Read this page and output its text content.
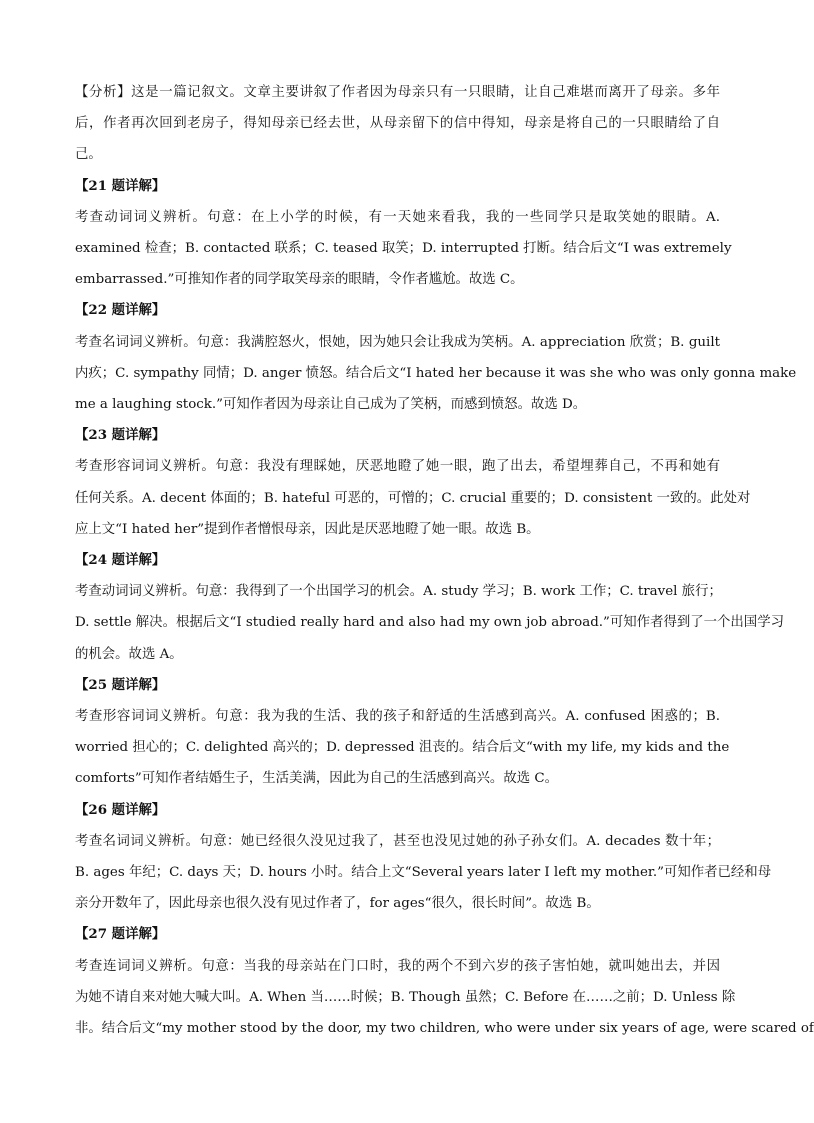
【分析】这是一篇记叙文。文章主要讲叙了作者因为母亲只有一只眼睛，让自己难堪而离开了母亲。多年
后，作者再次回到老房子，得知母亲已经去世，从母亲留下的信中得知，母亲是将自己的一只眼睛给了自
己。
【21 题详解】
考查动词词义辨析。句意：在上小学的时候，有一天她来看我，我的一些同学只是取笑她的眼睛。A.
examined 检查；B. contacted 联系；C. teased 取笑；D. interrupted 打断。结合后文“I was extremely
embarrassed.”可推知作者的同学取笑母亲的眼睛，令作者尴尬。故选 C。
【22 题详解】
考查名词词义辨析。句意：我满腔怒火，恨她，因为她只会让我成为笑柄。A. appreciation 欣赏；B. guilt
内疚；C. sympathy 同情；D. anger 愤怒。结合后文“I hated her because it was she who was only gonna make
me a laughing stock.”可知作者因为母亲让自己成为了笑柄，而感到愤怒。故选 D。
【23 题详解】
考查形容词词义辨析。句意：我没有理睬她，厌恶地瞪了她一眼，跑了出去，希望埋葬自己，不再和她有
任何关系。A. decent 体面的；B. hateful 可恶的，可憎的；C. crucial 重要的；D. consistent 一致的。此处对
应上文“I hated her”提到作者憎恨母亲，因此是厌恶地瞪了她一眼。故选 B。
【24 题详解】
考查动词词义辨析。句意：我得到了一个出国学习的机会。A. study 学习；B. work 工作；C. travel 旅行；
D. settle 解决。根据后文“I studied really hard and also had my own job abroad.”可知作者得到了一个出国学习
的机会。故选 A。
【25 题详解】
考查形容词词义辨析。句意：我为我的生活、我的孩子和舒适的生活感到高兴。A. confused 困惑的；B.
worried 担心的；C. delighted 高兴的；D. depressed 沮丧的。结合后文“with my life, my kids and the
comforts”可知作者结婚生子，生活美满，因此为自己的生活感到高兴。故选 C。
【26 题详解】
考查名词词义辨析。句意：她已经很久没见过我了，甚至也没见过她的孙子孙女们。A. decades 数十年；
B. ages 年纪；C. days 天；D. hours 小时。结合上文“Several years later I left my mother.”可知作者已经和母
亲分开数年了，因此母亲也很久没有见过作者了，for ages“很久，很长时间”。故选 B。
【27 题详解】
考查连词词义辨析。句意：当我的母亲站在门口时，我的两个不到六岁的孩子害怕她，就叫她出去，并因
为她不请自来对她大喊大叫。A. When 当……时候；B. Though 虽然；C. Before 在……之前；D. Unless 除
非。结合后文“my mother stood by the door, my two children, who were under six years of age, were scared of
